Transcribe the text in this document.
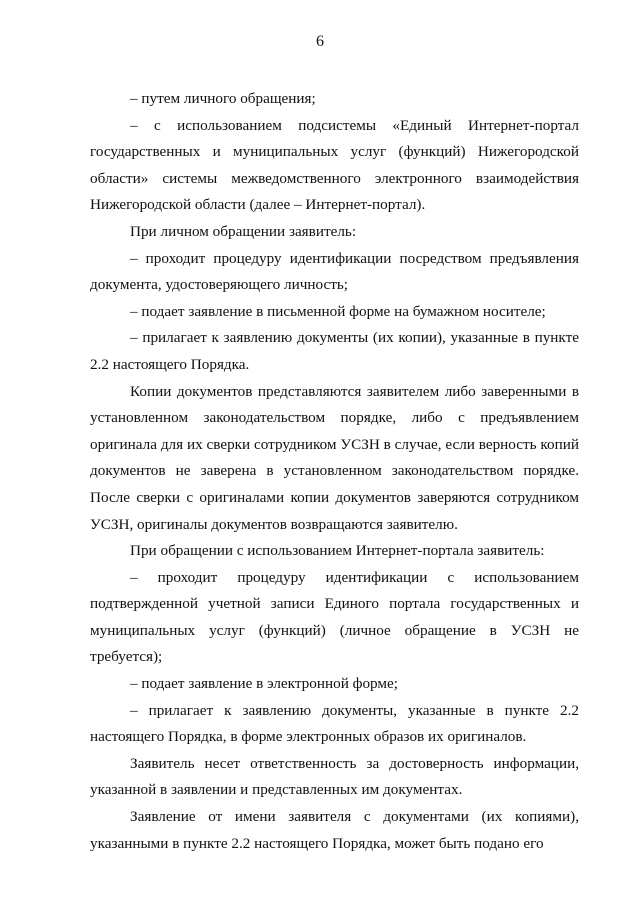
6

– путем личного обращения;

– с использованием подсистемы «Единый Интернет-портал государственных и муниципальных услуг (функций) Нижегородской области» системы межведомственного электронного взаимодействия Нижегородской области (далее – Интернет-портал).

При личном обращении заявитель:

– проходит процедуру идентификации посредством предъявления документа, удостоверяющего личность;

– подает заявление в письменной форме на бумажном носителе;

– прилагает к заявлению документы (их копии), указанные в пункте 2.2 настоящего Порядка.

Копии документов представляются заявителем либо заверенными в установленном законодательством порядке, либо с предъявлением оригинала для их сверки сотрудником УСЗН в случае, если верность копий документов не заверена в установленном законодательством порядке. После сверки с оригиналами копии документов заверяются сотрудником УСЗН, оригиналы документов возвращаются заявителю.

При обращении с использованием Интернет-портала заявитель:

– проходит процедуру идентификации с использованием подтвержденной учетной записи Единого портала государственных и муниципальных услуг (функций) (личное обращение в УСЗН не требуется);

– подает заявление в электронной форме;

– прилагает к заявлению документы, указанные в пункте 2.2 настоящего Порядка, в форме электронных образов их оригиналов.

Заявитель несет ответственность за достоверность информации, указанной в заявлении и представленных им документах.

Заявление от имени заявителя с документами (их копиями), указанными в пункте 2.2 настоящего Порядка, может быть подано его
